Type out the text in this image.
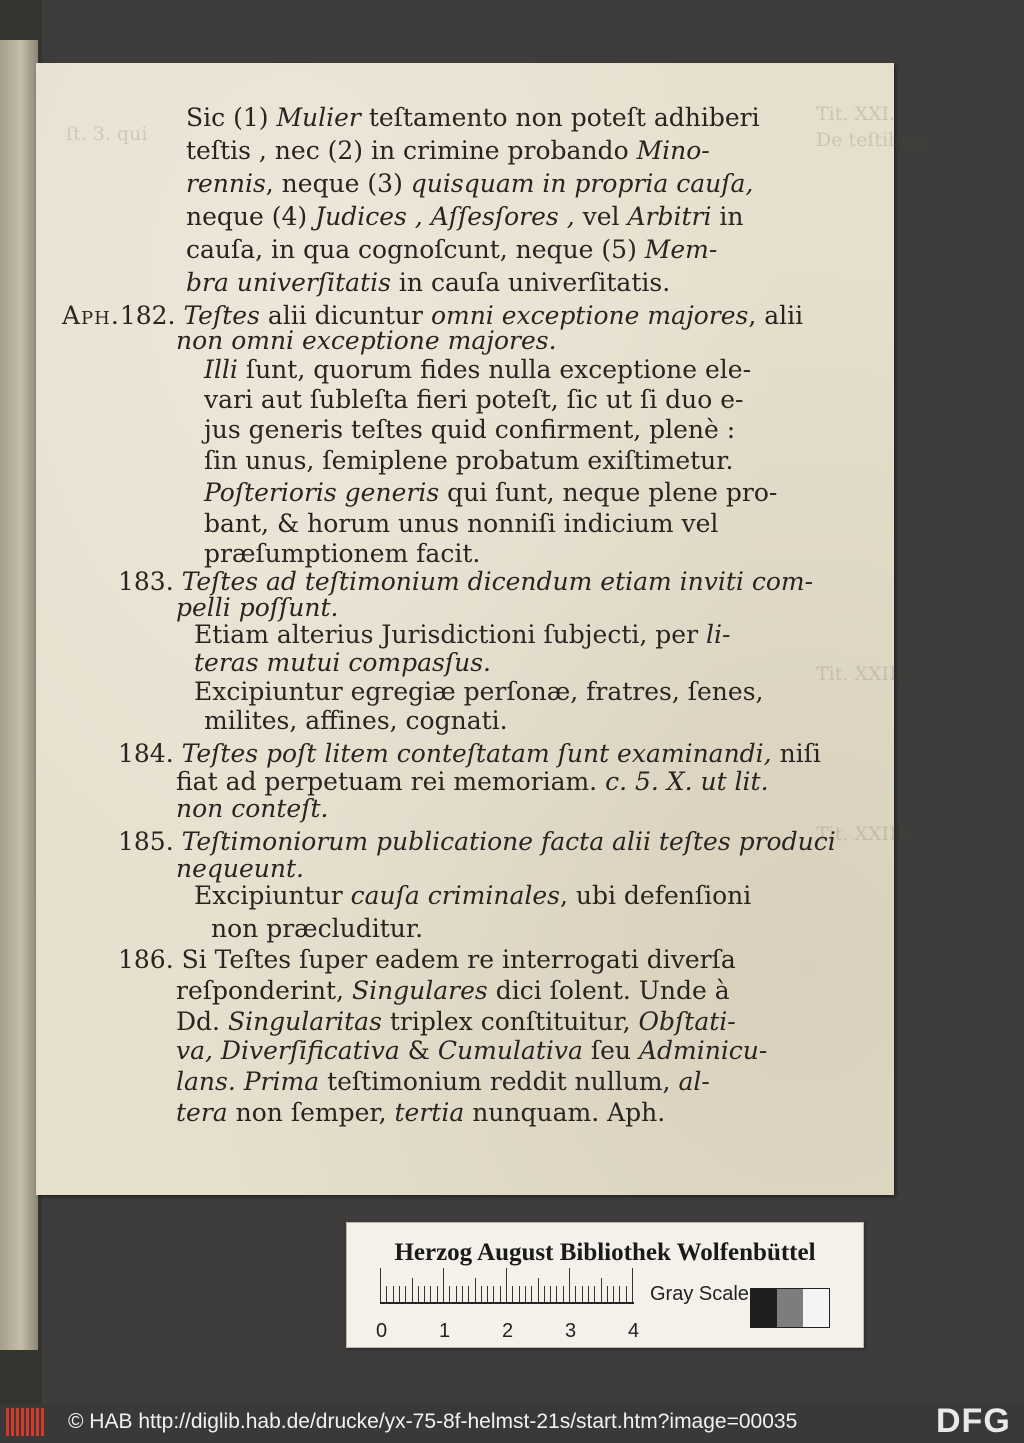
Tit. XXI.
De teſtibus
ſt. 3. qui
Tit. XXII.
Tit. XXIII.
Sic (1) Mulier teſtamento non poteſt adhiberi
teſtis , nec (2) in crimine probando Mino-
rennis, neque (3) quisquam in propria cauſa,
neque (4) Judices , Aſſesſores , vel Arbitri in
cauſa, in qua cognoſcunt, neque (5) Mem-
bra univerſitatis in cauſa univerſitatis.
Aph.182. Teſtes alii dicuntur omni exceptione majores, alii
non omni exceptione majores.
Illi ſunt, quorum fides nulla exceptione ele-
vari aut ſubleſta fieri poteſt, ſic ut ſi duo e-
jus generis teſtes quid confirment, plenè :
ſin unus, ſemiplene probatum exiſtimetur.
Poſterioris generis qui ſunt, neque plene pro-
bant, & horum unus nonniſi indicium vel
præſumptionem facit.
183. Teſtes ad teſtimonium dicendum etiam inviti com-
pelli poſſunt.
Etiam alterius Jurisdictioni ſubjecti, per li-
teras mutui compasſus.
Excipiuntur egregiæ perſonæ, fratres, ſenes,
milites, affines, cognati.
184. Teſtes poſt litem conteſtatam ſunt examinandi, niſi
fiat ad perpetuam rei memoriam. c. 5. X. ut lit.
non conteſt.
185. Teſtimoniorum publicatione facta alii teſtes produci
nequeunt.
Excipiuntur cauſa criminales, ubi defenſioni
non præcluditur.
186. Si Teſtes ſuper eadem re interrogati diverſa
reſponderint, Singulares dici ſolent. Unde à
Dd. Singularitas triplex conſtituitur, Obſtati-
va, Diverſificativa & Cumulativa ſeu Adminicu-
lans. Prima teſtimonium reddit nullum, al-
tera non ſemper, tertia nunquam. Aph.
Herzog August Bibliothek Wolfenbüttel
0	1	2	3	4
Gray Scale
© HAB http://diglib.hab.de/drucke/yx-75-8f-helmst-21s/start.htm?image=00035	DFG
